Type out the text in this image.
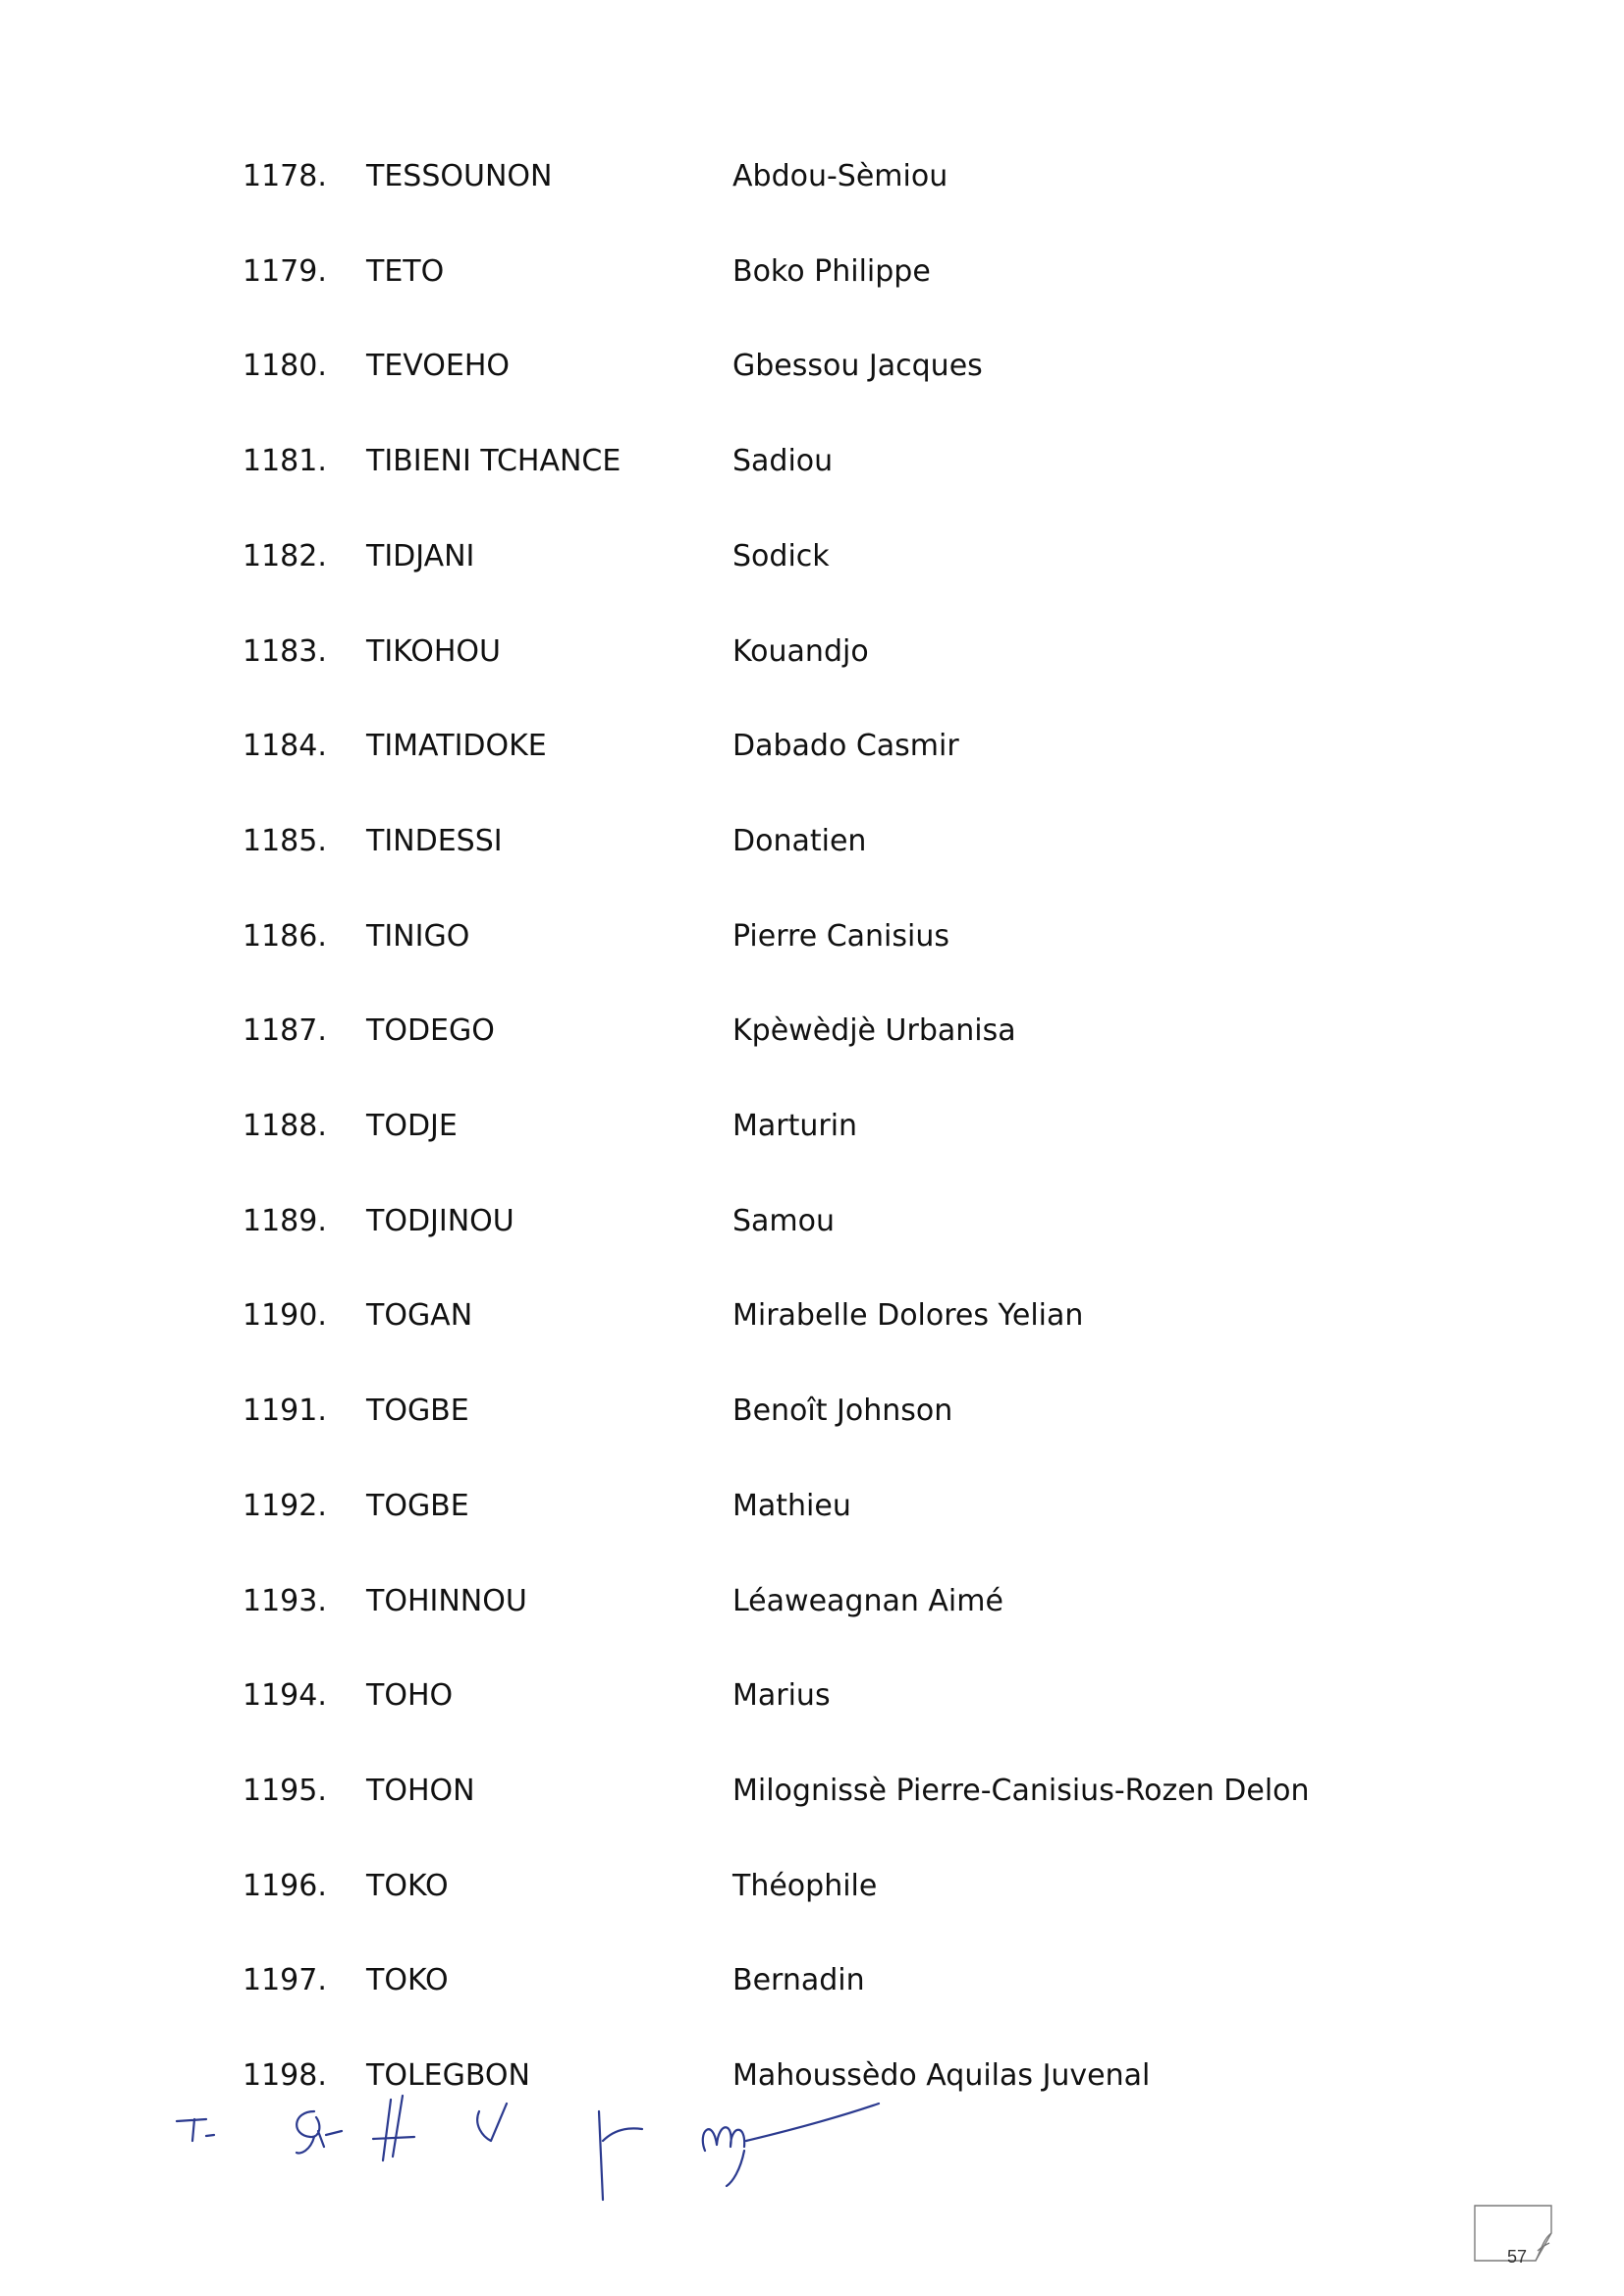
1178. TESSOUNON	Abdou-Sèmiou
1179. TETO	Boko Philippe
1180. TEVOEHO	Gbessou Jacques
1181. TIBIENI TCHANCE	Sadiou
1182. TIDJANI	Sodick
1183. TIKOHOU	Kouandjo
1184. TIMATIDOKE	Dabado Casmir
1185. TINDESSI	Donatien
1186. TINIGO	Pierre Canisius
1187. TODEGO	Kpèwèdjè Urbanisa
1188. TODJE	Marturin
1189. TODJINOU	Samou
1190. TOGAN	Mirabelle Dolores Yelian
1191. TOGBE	Benoît Johnson
1192. TOGBE	Mathieu
1193. TOHINNOU	Léaweagnan Aimé
1194. TOHO	Marius
1195. TOHON	Milognissè Pierre-Canisius-Rozen Delon
1196. TOKO	Théophile
1197. TOKO	Bernadin
1198. TOLEGBON	Mahoussèdo Aquilas Juvenal
57
